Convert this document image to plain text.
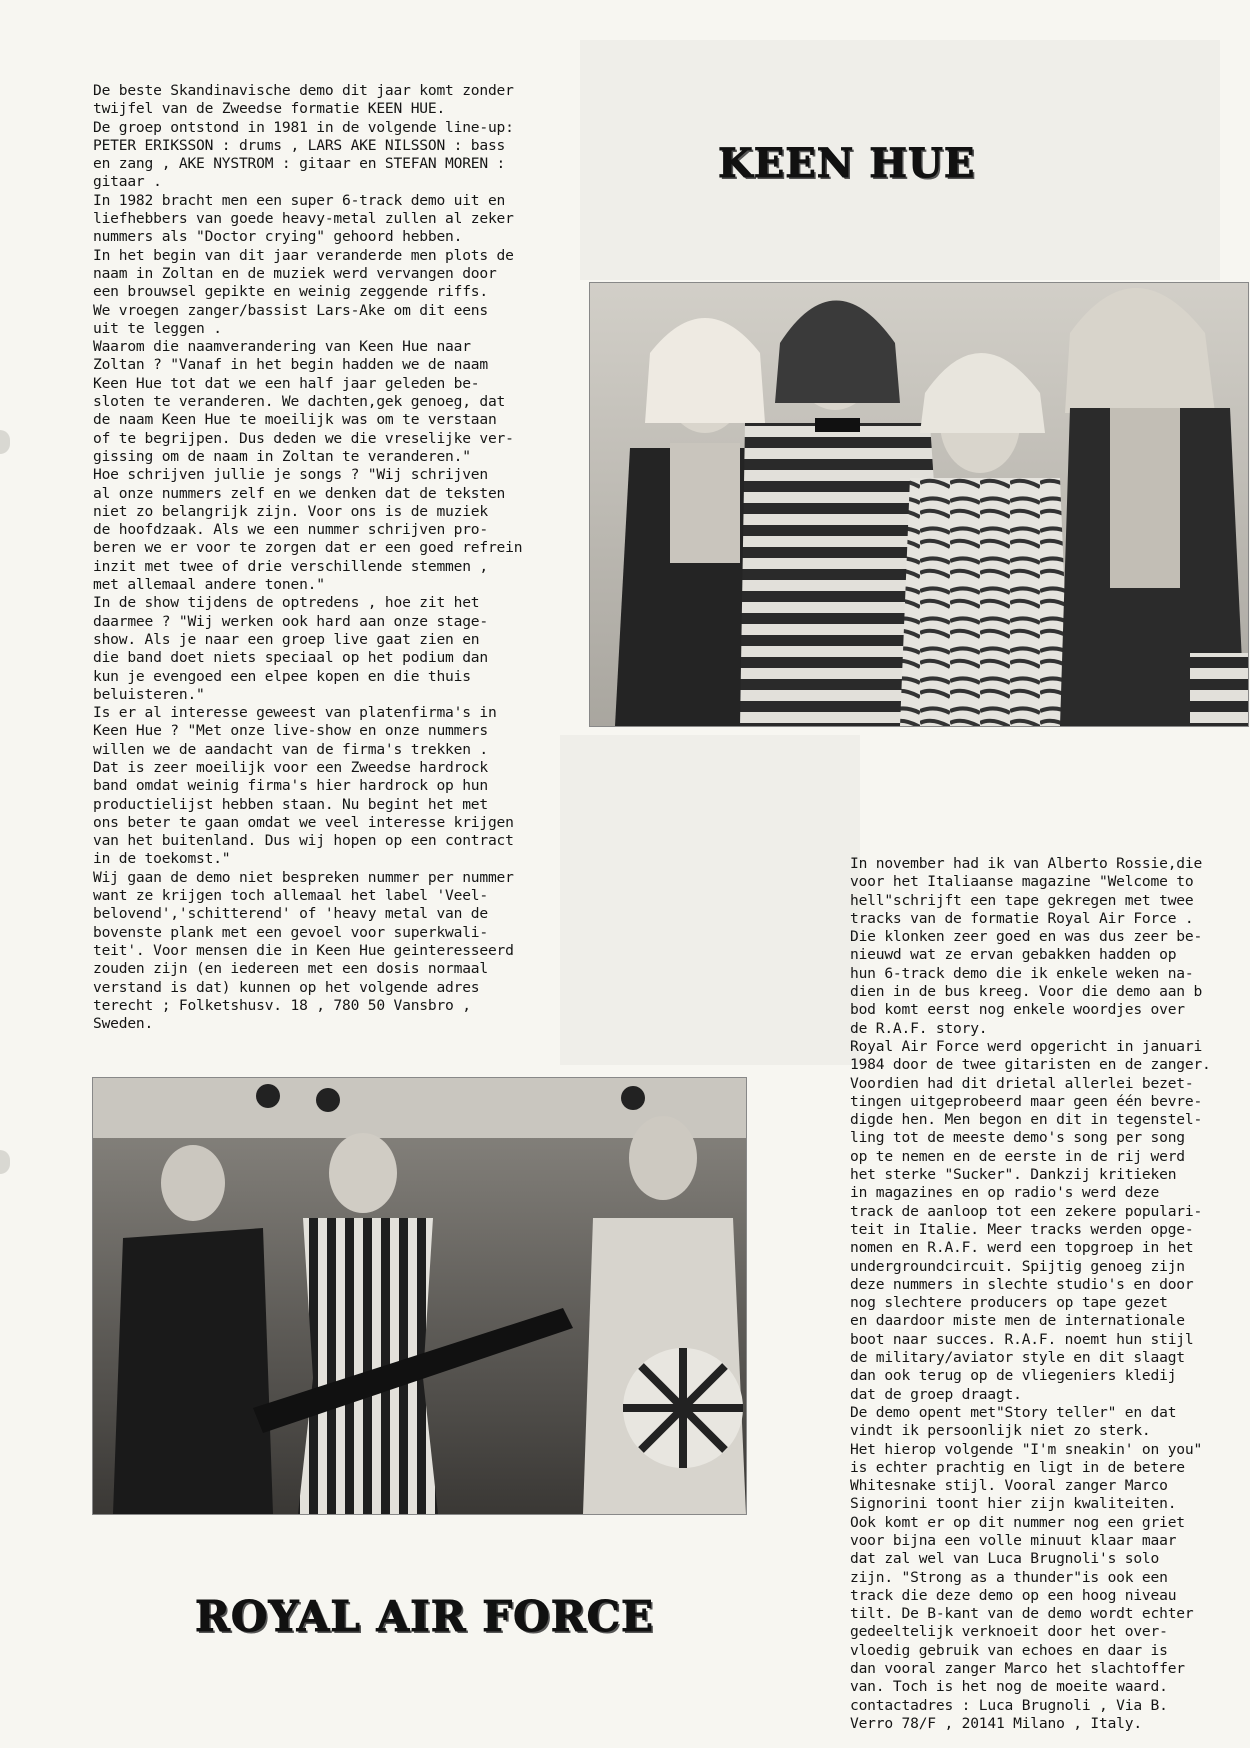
De beste Skandinavische demo dit jaar komt zonder
twijfel van de Zweedse formatie KEEN HUE.
De groep ontstond in 1981 in de volgende line-up:
PETER ERIKSSON : drums , LARS AKE NILSSON : bass
en zang , AKE NYSTROM : gitaar en STEFAN MOREN :
gitaar .
In 1982 bracht men een super 6-track demo uit en
liefhebbers van goede heavy-metal zullen al zeker
nummers als "Doctor crying" gehoord hebben.
In het begin van dit jaar veranderde men plots de
naam in Zoltan en de muziek werd vervangen door
een brouwsel gepikte en weinig zeggende riffs.
We vroegen zanger/bassist Lars-Ake om dit eens
uit te leggen .
Waarom die naamverandering van Keen Hue naar
Zoltan ? "Vanaf in het begin hadden we de naam
Keen Hue tot dat we een half jaar geleden be-
sloten te veranderen. We dachten,gek genoeg, dat
de naam Keen Hue te moeilijk was om te verstaan
of te begrijpen. Dus deden we die vreselijke ver-
gissing om de naam in Zoltan te veranderen."
Hoe schrijven jullie je songs ? "Wij schrijven
al onze nummers zelf en we denken dat de teksten
niet zo belangrijk zijn. Voor ons is de muziek
de hoofdzaak. Als we een nummer schrijven pro-
beren we er voor te zorgen dat er een goed refrein
inzit met twee of drie verschillende stemmen ,
met allemaal andere tonen."
In de show tijdens de optredens , hoe zit het
daarmee ? "Wij werken ook hard aan onze stage-
show. Als je naar een groep live gaat zien en
die band doet niets speciaal op het podium dan
kun je evengoed een elpee kopen en die thuis
beluisteren."
Is er al interesse geweest van platenfirma's in
Keen Hue ? "Met onze live-show en onze nummers
willen we de aandacht van de firma's trekken .
Dat is zeer moeilijk voor een Zweedse hardrock
band omdat weinig firma's hier hardrock op hun
productielijst hebben staan. Nu begint het met
ons beter te gaan omdat we veel interesse krijgen
van het buitenland. Dus wij hopen op een contract
in de toekomst."
Wij gaan de demo niet bespreken nummer per nummer
want ze krijgen toch allemaal het label 'Veel-
belovend','schitterend' of 'heavy metal van de
bovenste plank met een gevoel voor superkwali-
teit'. Voor mensen die in Keen Hue geinteresseerd
zouden zijn (en iedereen met een dosis normaal
verstand is dat) kunnen op het volgende adres
terecht ; Folketshusv. 18 , 780 50 Vansbro ,
Sweden.
KEEN HUE
ROYAL AIR FORCE
In november had ik van Alberto Rossie,die
voor het Italiaanse magazine "Welcome to
hell"schrijft een tape gekregen met twee
tracks van de formatie Royal Air Force .
Die klonken zeer goed en was dus zeer be-
nieuwd wat ze ervan gebakken hadden op
hun 6-track demo die ik enkele weken na-
dien in de bus kreeg. Voor die demo aan b
bod komt eerst nog enkele woordjes over
de R.A.F. story.
Royal Air Force werd opgericht in januari
1984 door de twee gitaristen en de zanger.
Voordien had dit drietal allerlei bezet-
tingen uitgeprobeerd maar geen één bevre-
digde hen. Men begon en dit in tegenstel-
ling tot de meeste demo's song per song
op te nemen en de eerste in de rij werd
het sterke "Sucker". Dankzij kritieken
in magazines en op radio's werd deze
track de aanloop tot een zekere populari-
teit in Italie. Meer tracks werden opge-
nomen en R.A.F. werd een topgroep in het
undergroundcircuit. Spijtig genoeg zijn
deze nummers in slechte studio's en door
nog slechtere producers op tape gezet
en daardoor miste men de internationale
boot naar succes. R.A.F. noemt hun stijl
de military/aviator style en dit slaagt
dan ook terug op de vliegeniers kledij
dat de groep draagt.
De demo opent met"Story teller" en dat
vindt ik persoonlijk niet zo sterk.
Het hierop volgende "I'm sneakin' on you"
is echter prachtig en ligt in de betere
Whitesnake stijl. Vooral zanger Marco
Signorini toont hier zijn kwaliteiten.
Ook komt er op dit nummer nog een griet
voor bijna een volle minuut klaar maar
dat zal wel van Luca Brugnoli's solo
zijn. "Strong as a thunder"is ook een
track die deze demo op een hoog niveau
tilt. De B-kant van de demo wordt echter
gedeeltelijk verknoeit door het over-
vloedig gebruik van echoes en daar is
dan vooral zanger Marco het slachtoffer
van. Toch is het nog de moeite waard.
contactadres : Luca Brugnoli , Via B.
Verro 78/F , 20141 Milano , Italy.
